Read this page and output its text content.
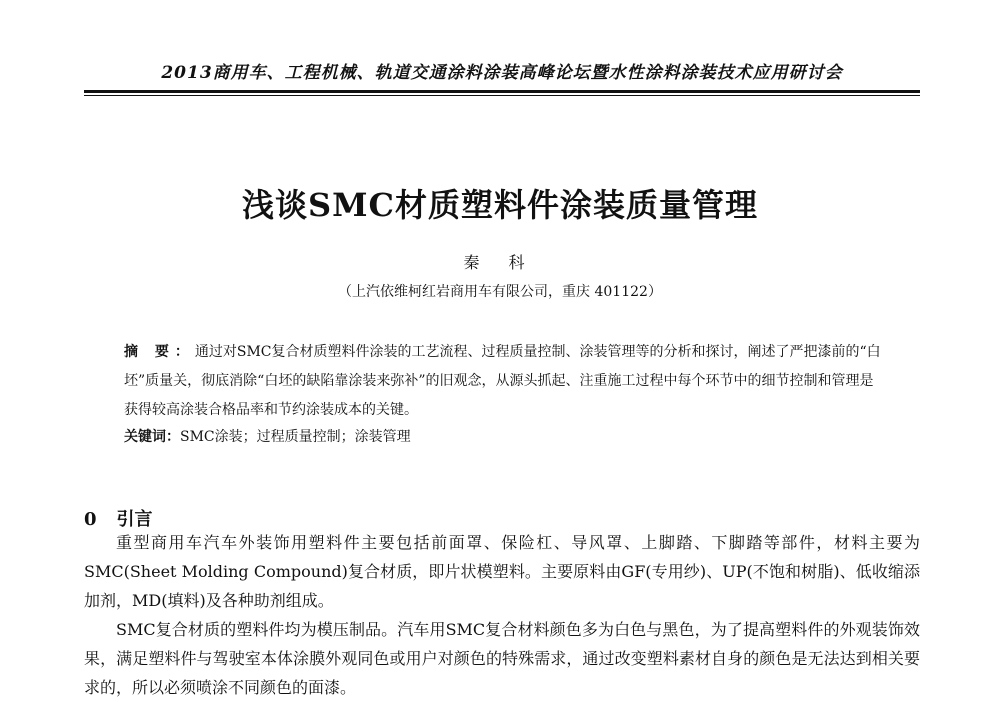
2013商用车、工程机械、轨道交通涂料涂装高峰论坛暨水性涂料涂装技术应用研讨会
浅谈SMC材质塑料件涂装质量管理
秦 科
（上汽依维柯红岩商用车有限公司，重庆 401122）
摘 要：通过对SMC复合材质塑料件涂装的工艺流程、过程质量控制、涂装管理等的分析和探讨，阐述了严把漆前的“白坯”质量关，彻底消除“白坯的缺陷靠涂装来弥补”的旧观念，从源头抓起、注重施工过程中每个环节中的细节控制和管理是获得较高涂装合格品率和节约涂装成本的关键。
关键词：SMC涂装；过程质量控制；涂装管理
0 引言

重型商用车汽车外装饰用塑料件主要包括前面罩、保险杠、导风罩、上脚踏、下脚踏等部件，材料主要为SMC(Sheet Molding Compound)复合材质，即片状模塑料。主要原料由GF(专用纱)、UP(不饱和树脂)、低收缩添加剂，MD(填料)及各种助剂组成。

SMC复合材质的塑料件均为模压制品。汽车用SMC复合材料颜色多为白色与黑色，为了提高塑料件的外观装饰效果，满足塑料件与驾驶室本体涂膜外观同色或用户对颜色的特殊需求，通过改变塑料素材自身的颜色是无法达到相关要求的，所以必须喷涂不同颜色的面漆。
